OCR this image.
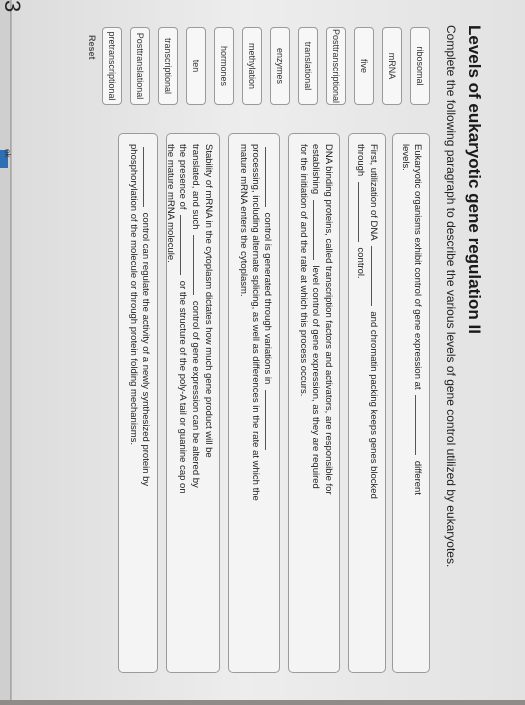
ok
3
Levels of eukaryotic gene regulation II
Complete the following paragraph to describe the various levels of gene control utilized by eukaryotes.
ribosomal
mRNA
five
Posttranscriptional
translational
enzymes
methylation
hormones
ten
transcriptional
Posttranslational
pretranscriptional
Eukaryotic organisms exhibit control of gene expression at  different
levels.
First, utilization of DNA  and chromatin packing keeps genes blocked
through  control.
DNA binding proteins, called transcription factors and activators, are responsible for
establishing  level control of gene expression, as they are required
for the initiation of and the rate at which this process occurs.
control is generated through variations in
processing, including alternate splicing, as well as differences in the rate at which the
mature mRNA enters the cytoplasm.
Stability of mRNA in the cytoplasm dictates how much gene product will be
translated, and such  control of gene expression can be altered by
the presence of  or the structure of the poly-A tail or guanine cap on
the mature mRNA molecule.
control can regulate the activity of a newly synthesized protein by
phosphorylation of the molecule or through protein folding mechanisms.
Reset
